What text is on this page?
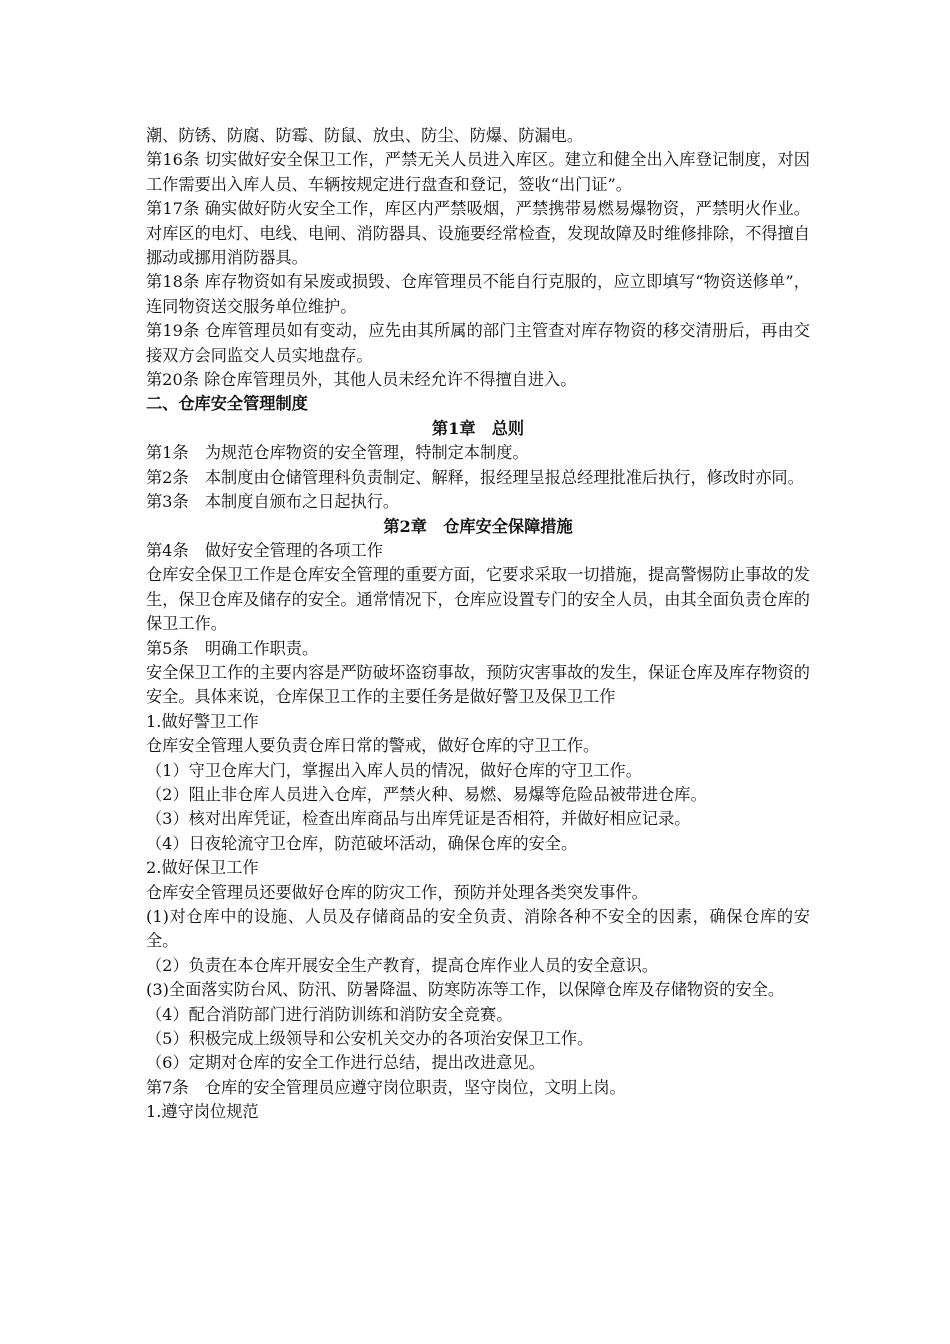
潮、防锈、防腐、防霉、防鼠、放虫、防尘、防爆、防漏电。

第16条 切实做好安全保卫工作，严禁无关人员进入库区。建立和健全出入库登记制度，对因工作需要出入库人员、车辆按规定进行盘查和登记，签收“出门证”。

第17条 确实做好防火安全工作，库区内严禁吸烟，严禁携带易燃易爆物资，严禁明火作业。对库区的电灯、电线、电闸、消防器具、设施要经常检查，发现故障及时维修排除，不得擅自挪动或挪用消防器具。

第18条 库存物资如有呆废或损毁、仓库管理员不能自行克服的，应立即填写“物资送修单”，连同物资送交服务单位维护。

第19条 仓库管理员如有变动，应先由其所属的部门主管查对库存物资的移交清册后，再由交接双方会同监交人员实地盘存。

第20条 除仓库管理员外，其他人员未经允许不得擅自进入。

二、仓库安全管理制度

第1章　总则

第1条　为规范仓库物资的安全管理，特制定本制度。

第2条　本制度由仓储管理科负责制定、解释，报经理呈报总经理批准后执行，修改时亦同。

第3条　本制度自颁布之日起执行。

第2章　仓库安全保障措施

第4条　做好安全管理的各项工作

仓库安全保卫工作是仓库安全管理的重要方面，它要求采取一切措施，提高警惕防止事故的发生，保卫仓库及储存的安全。通常情况下，仓库应设置专门的安全人员，由其全面负责仓库的保卫工作。

第5条　明确工作职责。

安全保卫工作的主要内容是严防破坏盗窃事故，预防灾害事故的发生，保证仓库及库存物资的安全。具体来说，仓库保卫工作的主要任务是做好警卫及保卫工作

1.做好警卫工作

仓库安全管理人要负责仓库日常的警戒，做好仓库的守卫工作。

（1）守卫仓库大门，掌握出入库人员的情况，做好仓库的守卫工作。

（2）阻止非仓库人员进入仓库，严禁火种、易燃、易爆等危险品被带进仓库。

（3）核对出库凭证，检查出库商品与出库凭证是否相符，并做好相应记录。

（4）日夜轮流守卫仓库，防范破坏活动，确保仓库的安全。

2.做好保卫工作

仓库安全管理员还要做好仓库的防灾工作，预防并处理各类突发事件。

(1)对仓库中的设施、人员及存储商品的安全负责、消除各种不安全的因素，确保仓库的安全。

（2）负责在本仓库开展安全生产教育，提高仓库作业人员的安全意识。

(3)全面落实防台风、防汛、防暑降温、防寒防冻等工作，以保障仓库及存储物资的安全。

（4）配合消防部门进行消防训练和消防安全竞赛。

（5）积极完成上级领导和公安机关交办的各项治安保卫工作。

（6）定期对仓库的安全工作进行总结，提出改进意见。

第7条　仓库的安全管理员应遵守岗位职责，坚守岗位，文明上岗。

1.遵守岗位规范
